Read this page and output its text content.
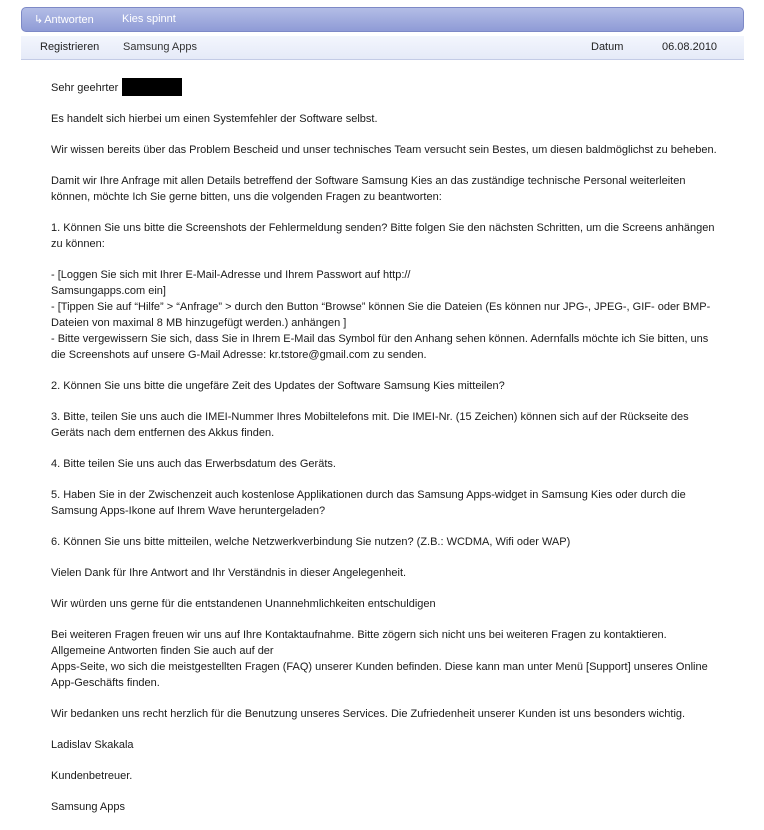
↳Antworten	Kies spinnt
Registrieren Samsung Apps	Datum	06.08.2010

Sehr geehrter

Es handelt sich hierbei um einen Systemfehler der Software selbst.

Wir wissen bereits über das Problem Bescheid und unser technisches Team versucht sein Bestes, um diesen baldmöglichst zu beheben.

Damit wir Ihre Anfrage mit allen Details betreffend der Software Samsung Kies an das zuständige technische Personal weiterleiten können, möchte Ich Sie gerne bitten, uns die volgenden Fragen zu beantworten:

1. Können Sie uns bitte die Screenshots der Fehlermeldung senden? Bitte folgen Sie den nächsten Schritten, um die Screens anhängen zu können:

- [Loggen Sie sich mit Ihrer E-Mail-Adresse und Ihrem Passwort auf http://
Samsungapps.com ein]
- [Tippen Sie auf “Hilfe” > “Anfrage” > durch den Button “Browse” können Sie die Dateien (Es können nur JPG-, JPEG-, GIF- oder BMP-Dateien von maximal 8 MB hinzugefügt werden.) anhängen ]
- Bitte vergewissern Sie sich, dass Sie in Ihrem E-Mail das Symbol für den Anhang sehen können. Adernfalls möchte ich Sie bitten, uns die Screenshots auf unsere G-Mail Adresse: kr.tstore@gmail.com zu senden.

2. Können Sie uns bitte die ungefäre Zeit des Updates der Software Samsung Kies mitteilen?

3. Bitte, teilen Sie uns auch die IMEI-Nummer Ihres Mobiltelefons mit. Die IMEI-Nr. (15 Zeichen) können sich auf der Rückseite des Geräts nach dem entfernen des Akkus finden.

4. Bitte teilen Sie uns auch das Erwerbsdatum des Geräts.

5. Haben Sie in der Zwischenzeit auch kostenlose Applikationen durch das Samsung Apps-widget in Samsung Kies oder durch die Samsung Apps-Ikone auf Ihrem Wave heruntergeladen?

6. Können Sie uns bitte mitteilen, welche Netzwerkverbindung Sie nutzen? (Z.B.: WCDMA, Wifi oder WAP)

Vielen Dank für Ihre Antwort and Ihr Verständnis in dieser Angelegenheit.

Wir würden uns gerne für die entstandenen Unannehmlichkeiten entschuldigen

Bei weiteren Fragen freuen wir uns auf Ihre Kontaktaufnahme. Bitte zögern sich nicht uns bei weiteren Fragen zu kontaktieren.
Allgemeine Antworten finden Sie auch auf der
Apps-Seite, wo sich die meistgestellten Fragen (FAQ) unserer Kunden befinden. Diese kann man unter Menü [Support] unseres Online App-Geschäfts finden.

Wir bedanken uns recht herzlich für die Benutzung unseres Services. Die Zufriedenheit unserer Kunden ist uns besonders wichtig.

Ladislav Skakala

Kundenbetreuer.

Samsung Apps
